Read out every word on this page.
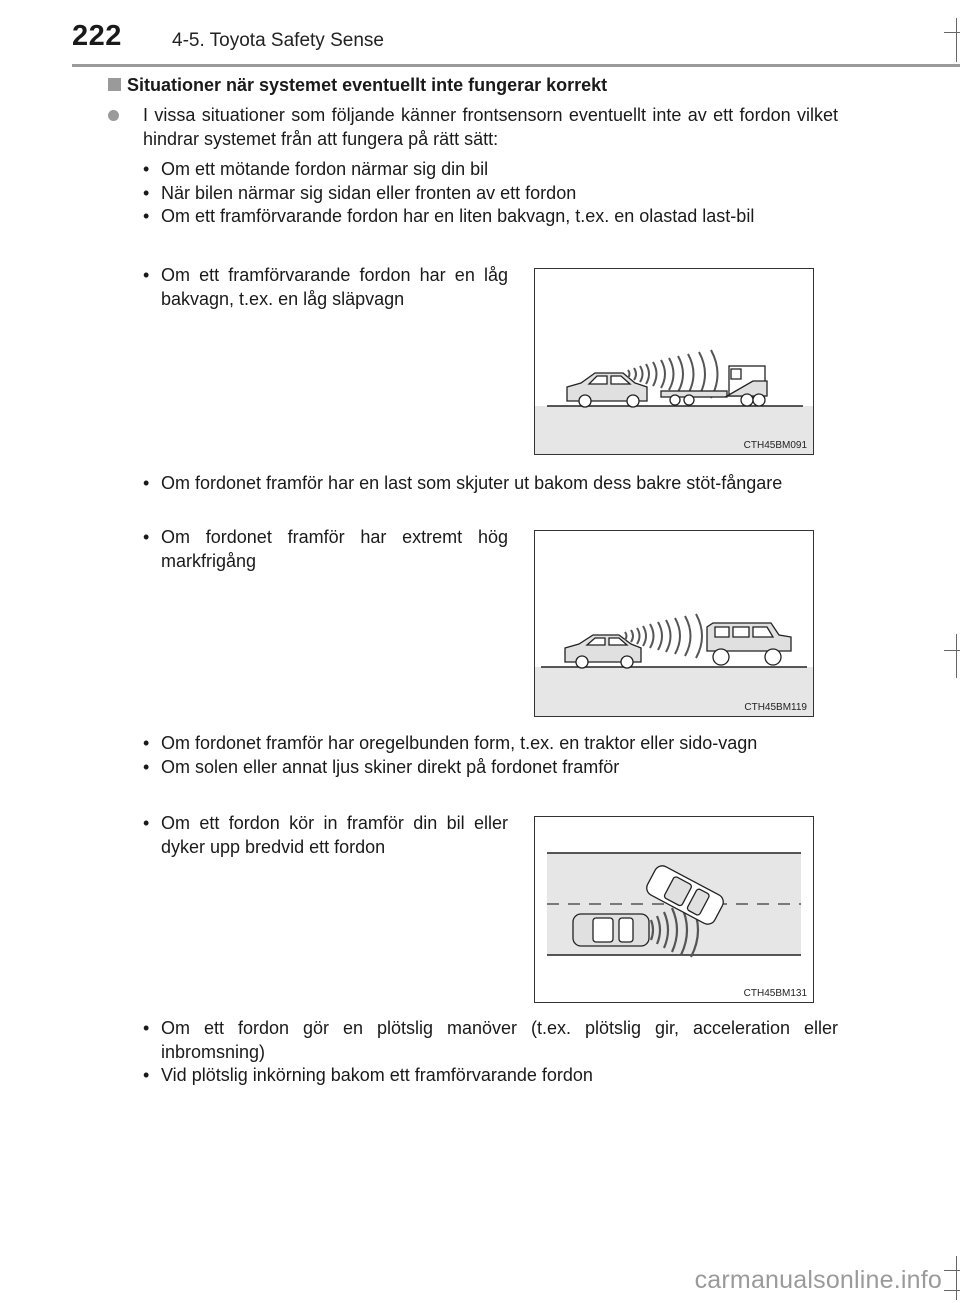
222	4-5. Toyota Safety Sense
Situationer när systemet eventuellt inte fungerar korrekt
I vissa situationer som följande känner frontsensorn eventuellt inte av ett fordon vilket hindrar systemet från att fungera på rätt sätt:
• Om ett mötande fordon närmar sig din bil
• När bilen närmar sig sidan eller fronten av ett fordon
• Om ett framförvarande fordon har en liten bakvagn, t.ex. en olastad last-bil
• Om ett framförvarande fordon har en låg bakvagn, t.ex. en låg släpvagn
CTH45BM091
• Om fordonet framför har en last som skjuter ut bakom dess bakre stöt-fångare
• Om fordonet framför har extremt hög markfrigång
CTH45BM119
• Om fordonet framför har oregelbunden form, t.ex. en traktor eller sido-vagn
• Om solen eller annat ljus skiner direkt på fordonet framför
• Om ett fordon kör in framför din bil eller dyker upp bredvid ett fordon
CTH45BM131
• Om ett fordon gör en plötslig manöver (t.ex. plötslig gir, acceleration eller inbromsning)
• Vid plötslig inkörning bakom ett framförvarande fordon
carmanualsonline.info
